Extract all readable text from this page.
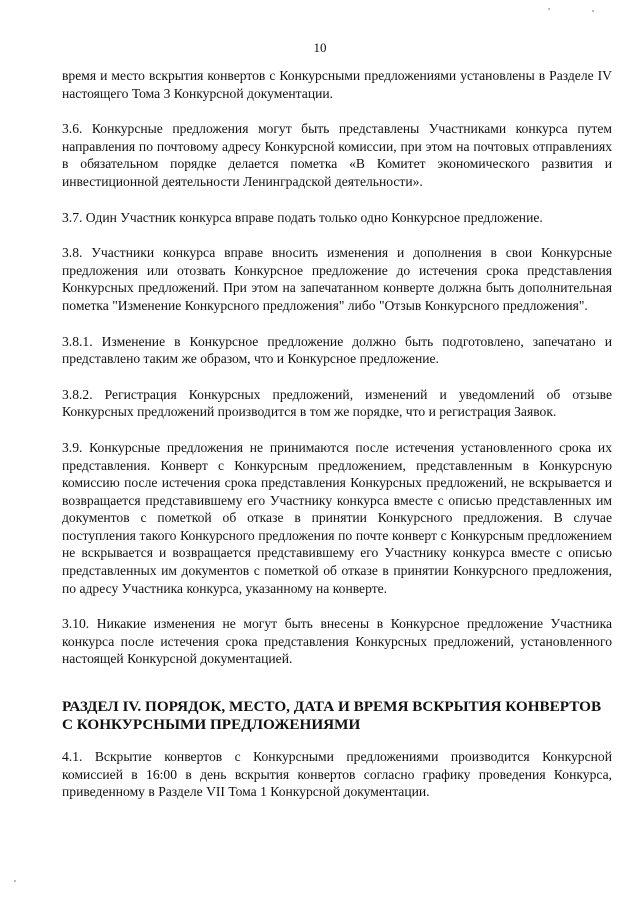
10

время и место вскрытия конвертов с Конкурсными предложениями установлены в Разделе IV настоящего Тома 3 Конкурсной документации.

3.6. Конкурсные предложения могут быть представлены Участниками конкурса путем направления по почтовому адресу Конкурсной комиссии, при этом на почтовых отправлениях в обязательном порядке делается пометка «В Комитет экономического развития и инвестиционной деятельности Ленинградской деятельности».

3.7. Один Участник конкурса вправе подать только одно Конкурсное предложение.

3.8. Участники конкурса вправе вносить изменения и дополнения в свои Конкурсные предложения или отозвать Конкурсное предложение до истечения срока представления Конкурсных предложений. При этом на запечатанном конверте должна быть дополнительная пометка "Изменение Конкурсного предложения" либо "Отзыв Конкурсного предложения".

3.8.1. Изменение в Конкурсное предложение должно быть подготовлено, запечатано и представлено таким же образом, что и Конкурсное предложение.

3.8.2. Регистрация Конкурсных предложений, изменений и уведомлений об отзыве Конкурсных предложений производится в том же порядке, что и регистрация Заявок.

3.9. Конкурсные предложения не принимаются после истечения установленного срока их представления. Конверт с Конкурсным предложением, представленным в Конкурсную комиссию после истечения срока представления Конкурсных предложений, не вскрывается и возвращается представившему его Участнику конкурса вместе с описью представленных им документов с пометкой об отказе в принятии Конкурсного предложения. В случае поступления такого Конкурсного предложения по почте конверт с Конкурсным предложением не вскрывается и возвращается представившему его Участнику конкурса вместе с описью представленных им документов с пометкой об отказе в принятии Конкурсного предложения, по адресу Участника конкурса, указанному на конверте.

3.10. Никакие изменения не могут быть внесены в Конкурсное предложение Участника конкурса после истечения срока представления Конкурсных предложений, установленного настоящей Конкурсной документацией.

РАЗДЕЛ IV. ПОРЯДОК, МЕСТО, ДАТА И ВРЕМЯ ВСКРЫТИЯ КОНВЕРТОВ С КОНКУРСНЫМИ ПРЕДЛОЖЕНИЯМИ

4.1. Вскрытие конвертов с Конкурсными предложениями производится Конкурсной комиссией в 16:00 в день вскрытия конвертов согласно графику проведения Конкурса, приведенному в Разделе VII Тома 1 Конкурсной документации.
